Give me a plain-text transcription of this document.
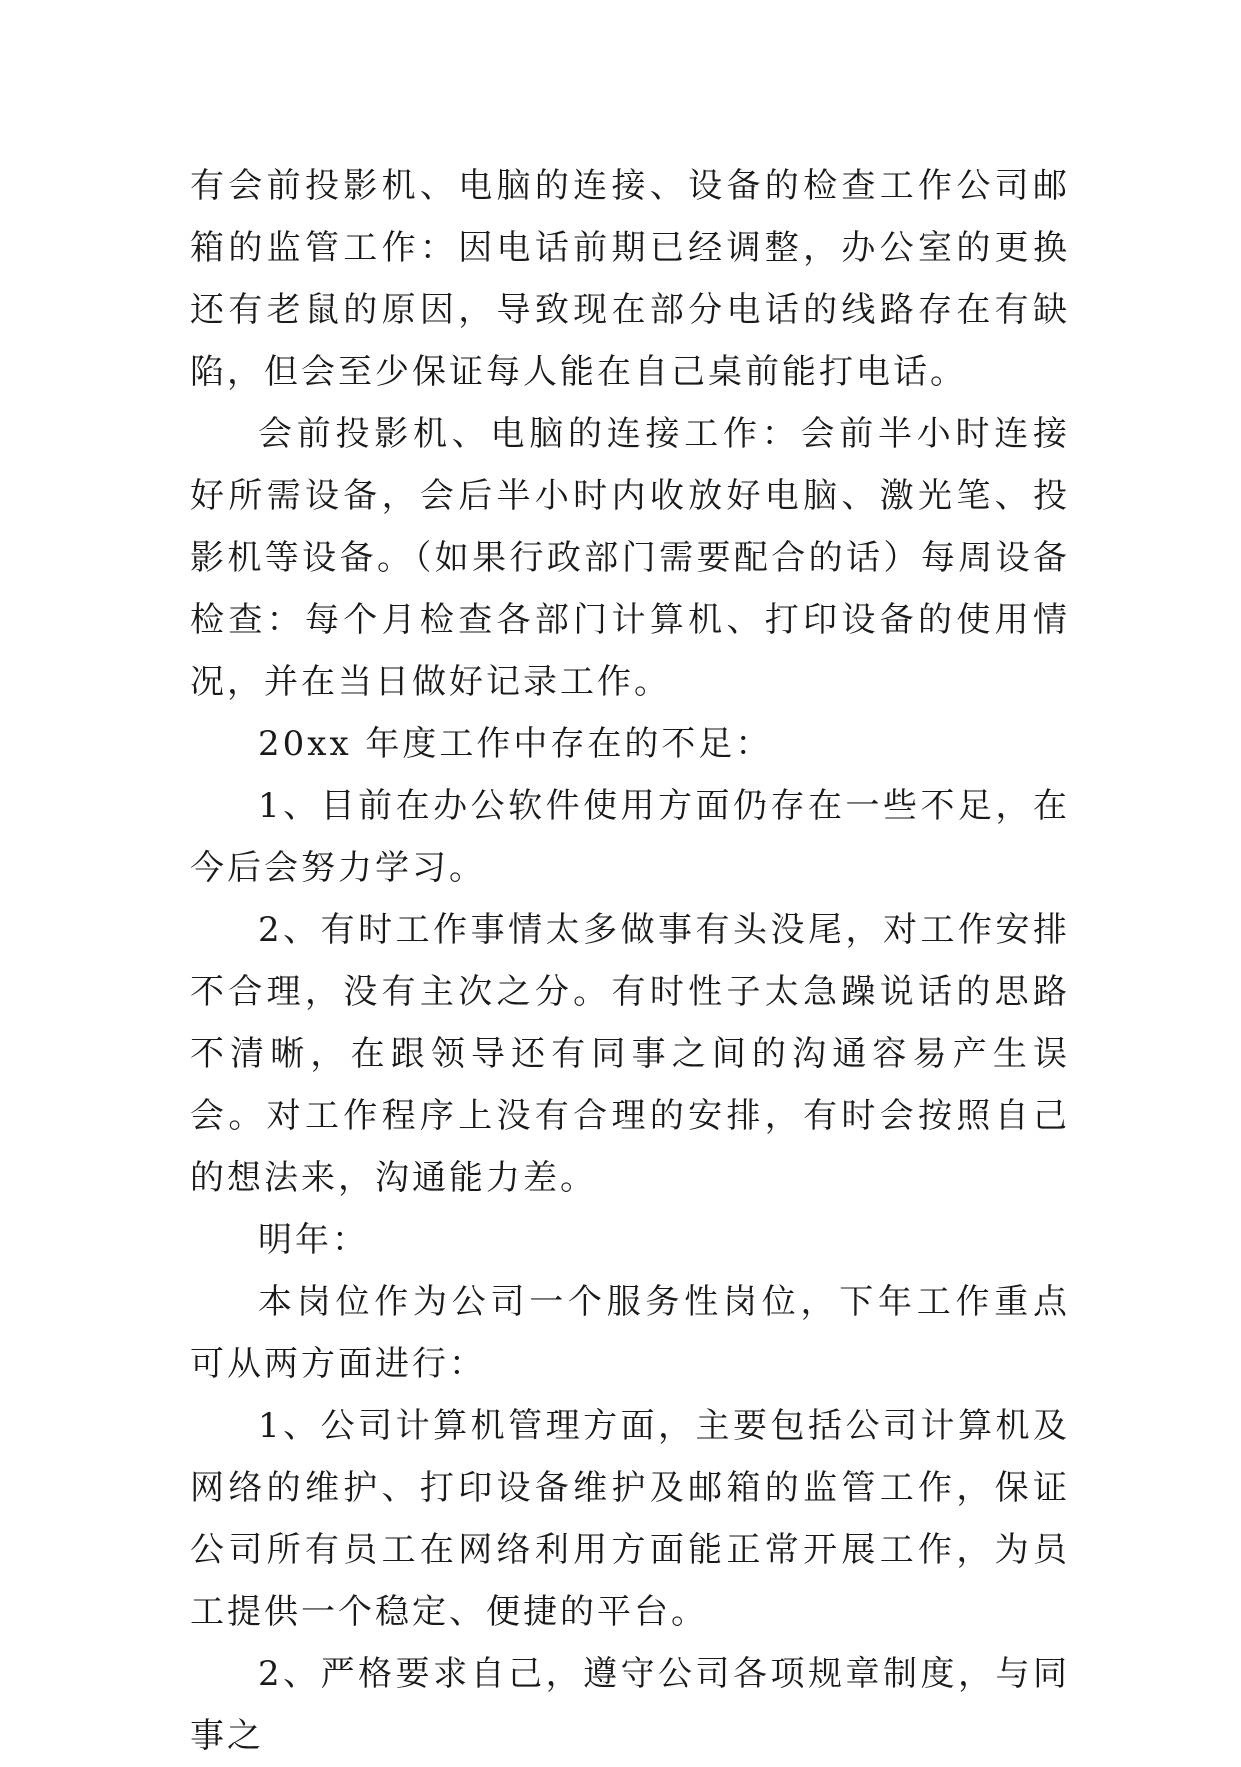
有会前投影机、电脑的连接、设备的检查工作公司邮箱的监管工作：因电话前期已经调整，办公室的更换还有老鼠的原因，导致现在部分电话的线路存在有缺陷，但会至少保证每人能在自己桌前能打电话。

会前投影机、电脑的连接工作：会前半小时连接好所需设备，会后半小时内收放好电脑、激光笔、投影机等设备。（如果行政部门需要配合的话）每周设备检查：每个月检查各部门计算机、打印设备的使用情况，并在当日做好记录工作。

20xx 年度工作中存在的不足：

1、目前在办公软件使用方面仍存在一些不足，在今后会努力学习。

2、有时工作事情太多做事有头没尾，对工作安排不合理，没有主次之分。有时性子太急躁说话的思路不清晰，在跟领导还有同事之间的沟通容易产生误会。对工作程序上没有合理的安排，有时会按照自己的想法来，沟通能力差。

明年：

本岗位作为公司一个服务性岗位，下年工作重点可从两方面进行：

1、公司计算机管理方面，主要包括公司计算机及网络的维护、打印设备维护及邮箱的监管工作，保证公司所有员工在网络利用方面能正常开展工作，为员工提供一个稳定、便捷的平台。

2、严格要求自己，遵守公司各项规章制度，与同事之
